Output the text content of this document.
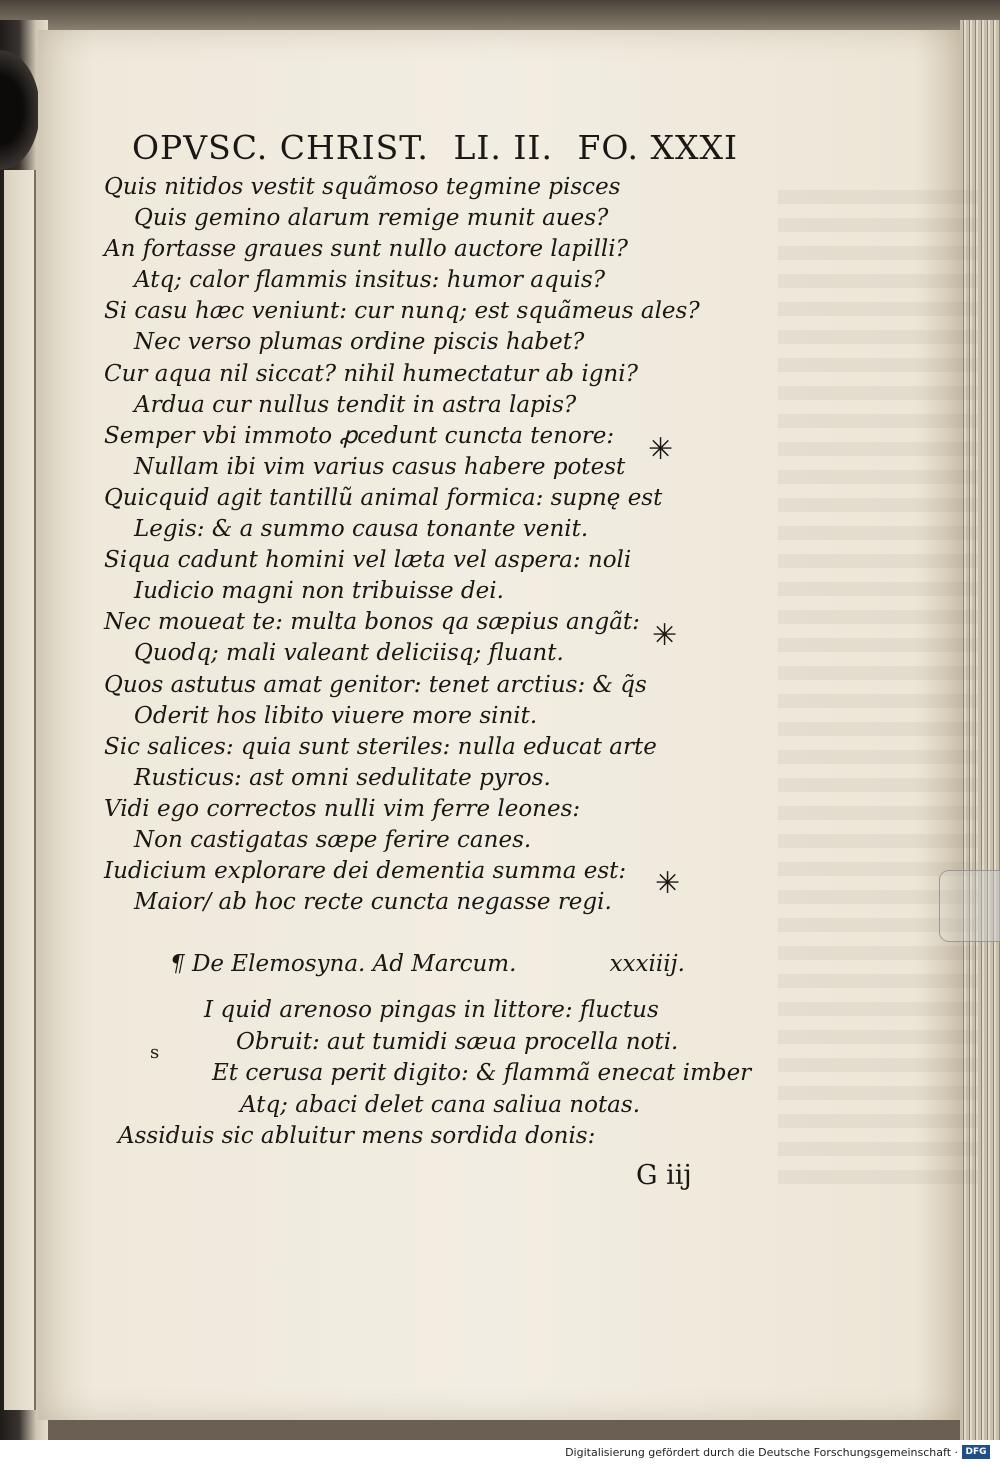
OPVSC. CHRIST. LI. II. FO. XXXI
Quis nitidos vestit squãmoso tegmine pisces
Quis gemino alarum remige munit aues?
An fortasse graues sunt nullo auctore lapilli?
Atq; calor flammis insitus: humor aquis?
Si casu hæc veniunt: cur nunq; est squãmeus ales?
Nec verso plumas ordine piscis habet?
Cur aqua nil siccat? nihil humectatur ab igni?
Ardua cur nullus tendit in astra lapis?
Semper vbi immoto ꝓcedunt cuncta tenore:
Nullam ibi vim varius casus habere potest
Quicquid agit tantillũ animal formica: supnę est
Legis: & a summo causa tonante venit.
Siqua cadunt homini vel læta vel aspera: noli
Iudicio magni non tribuisse dei.
Nec moueat te: multa bonos qa sæpius angãt:
Quodq; mali valeant deliciisq; fluant.
Quos astutus amat genitor: tenet arctius: & q̃s
Oderit hos libito viuere more sinit.
Sic salices: quia sunt steriles: nulla educat arte
Rusticus: ast omni sedulitate pyros.
Vidi ego correctos nulli vim ferre leones:
Non castigatas sæpe ferire canes.
Iudicium explorare dei dementia summa est:
Maior/ ab hoc recte cuncta negasse regi.
✳
✳
✳
¶ De Elemosyna. Ad Marcum.	xxxiiij.
s
I quid arenoso pingas in littore: fluctus
Obruit: aut tumidi sæua procella noti.
Et cerusa perit digito: & flammã enecat imber
Atq; abaci delet cana saliua notas.
Assiduis sic abluitur mens sordida donis:
G iij
Digitalisierung gefördert durch die Deutsche Forschungsgemeinschaft · DFG
